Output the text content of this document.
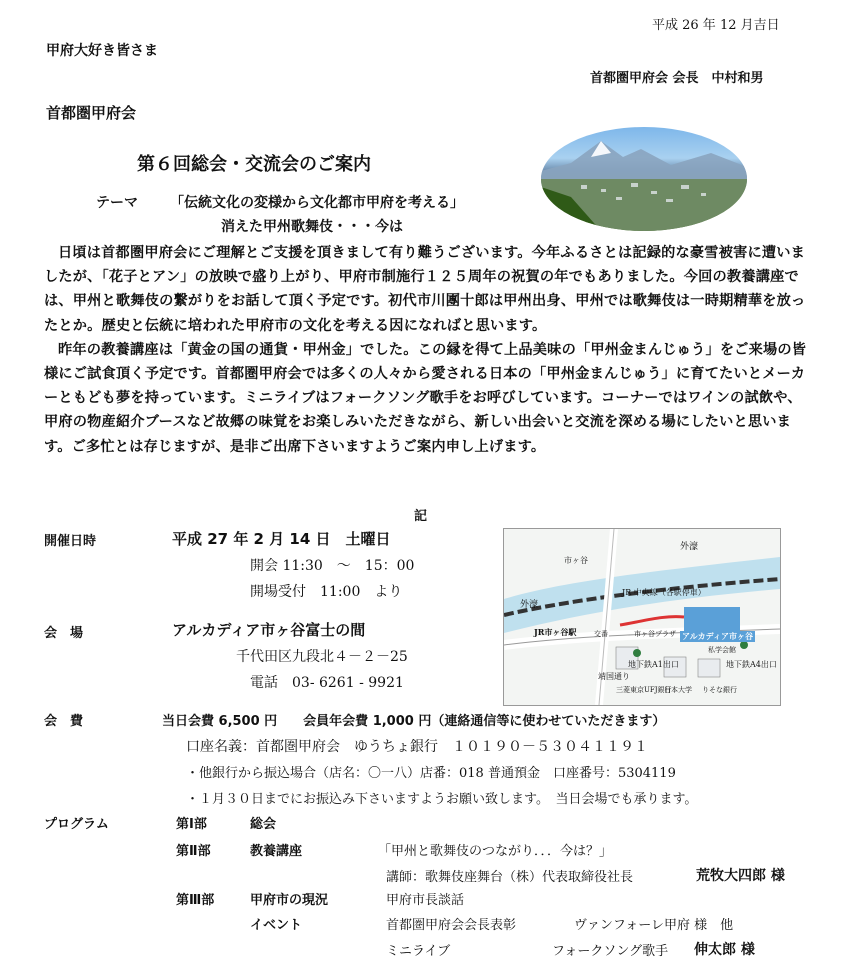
平成 26 年 12 月吉日
甲府大好き皆さま
首都圏甲府会 会長　中村和男
首都圏甲府会
第６回総会・交流会のご案内
テーマ 「伝統文化の変様から文化都市甲府を考える」
消えた甲州歌舞伎・・・今は

日頃は首都圏甲府会にご理解とご支援を頂きまして有り難うございます。今年ふるさとは記録的な豪雪被害に遭いましたが、「花子とアン」の放映で盛り上がり、甲府市制施行１２５周年の祝賀の年でもありました。今回の教養講座では、甲州と歌舞伎の繋がりをお話して頂く予定です。初代市川團十郎は甲州出身、甲州では歌舞伎は一時期精華を放ったとか。歴史と伝統に培われた甲府市の文化を考える因になればと思います。

昨年の教養講座は「黄金の国の通貨・甲州金」でした。この縁を得て上品美味の「甲州金まんじゅう」をご来場の皆様にご試食頂く予定です。首都圏甲府会では多くの人々から愛される日本の「甲州金まんじゅう」に育てたいとメーカーともども夢を持っています。ミニライブはフォークソング歌手をお呼びしています。コーナーではワインの試飲や、甲府の物産紹介ブースなど故郷の味覚をお楽しみいただきながら、新しい出会いと交流を深める場にしたいと思います。ご多忙とは存じますが、是非ご出席下さいますようご案内申し上げます。

記
開催日時	平成 27 年 2 月 14 日　土曜日
開会 11:30　～　15：00
開場受付　11:00　より
会　場	アルカディア市ヶ谷富士の間
千代田区九段北４－２－25
電話　03- 6261 - 9921
外濠
外濠
JR 中央線（各駅停車）
市ヶ谷
JR市ヶ谷駅	アルカディア市ヶ谷
私学会館
地下鉄A1出口	地下鉄A4出口
靖国通り
三菱東京UFJ銀行
日本大学 りそな銀行
市ヶ谷プラザ
交番
会　費	当日会費 6,500 円　　会員年会費 1,000 円（連絡通信等に使わせていただきます）
口座名義：首都圏甲府会　ゆうちょ銀行　１０１９０－５３０４１１９１
・他銀行から振込場合（店名：〇一八）店番：018 普通預金　口座番号：5304119
・１月３０日までにお振込み下さいますようお願い致します。　当日会場でも承ります。
プログラム	第Ⅰ部	総会
第Ⅱ部	教養講座	「甲州と歌舞伎のつながり．．．今は？」
講師：歌舞伎座舞台（株）代表取締役社長	荒牧大四郎 様
第Ⅲ部	甲府市の現況	甲府市長談話
イベント	首都圏甲府会会長表彰	ヴァンフォーレ甲府 様　他
ミニライブ	フォークソング歌手 伸太郎 様
